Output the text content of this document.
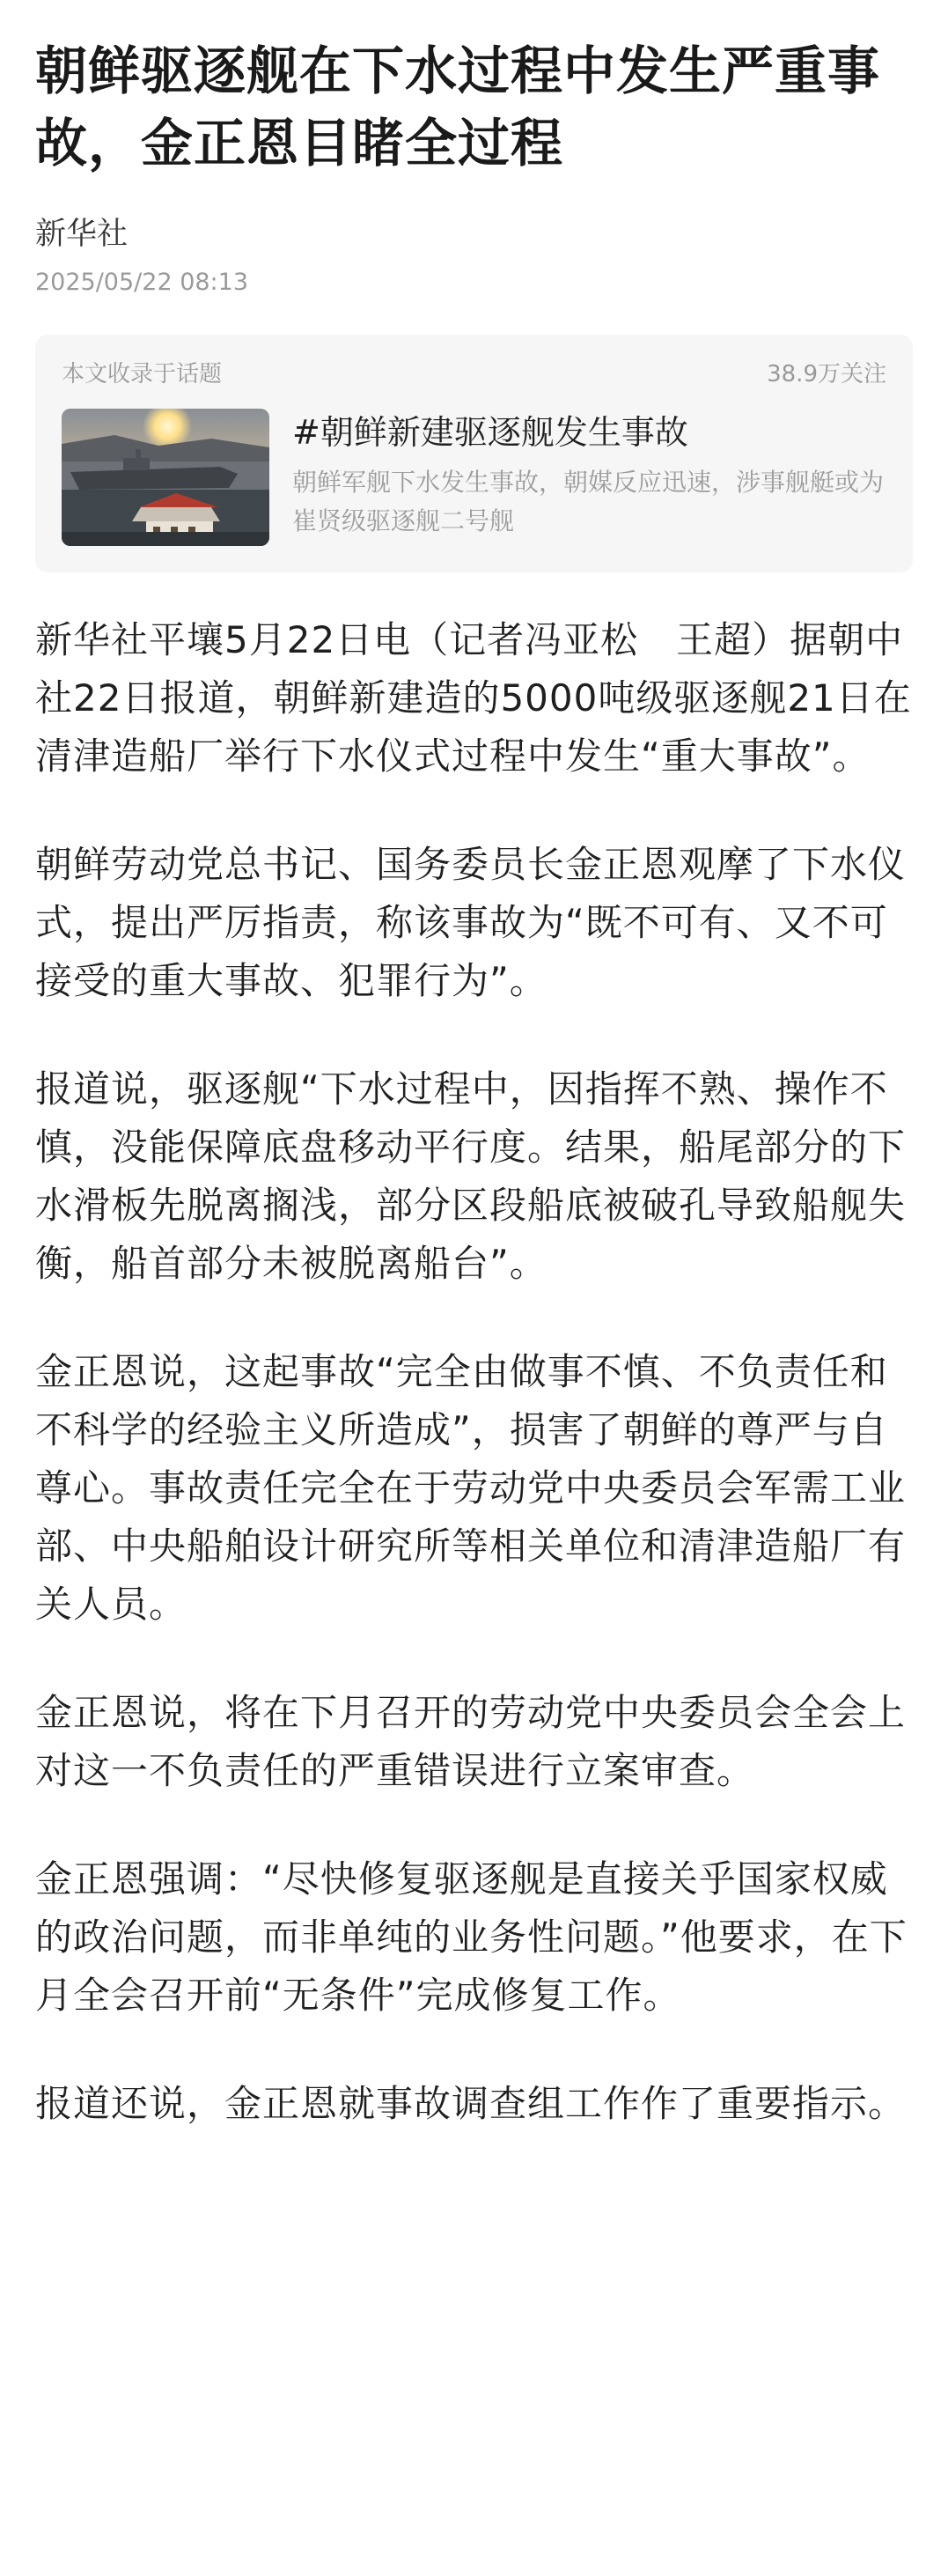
朝鲜驱逐舰在下水过程中发生严重事故，金正恩目睹全过程
新华社
2025/05/22 08:13
本文收录于话题	38.9万关注
#朝鲜新建驱逐舰发生事故
朝鲜军舰下水发生事故，朝媒反应迅速，涉事舰艇或为崔贤级驱逐舰二号舰

新华社平壤5月22日电（记者冯亚松　王超）据朝中社22日报道，朝鲜新建造的5000吨级驱逐舰21日在清津造船厂举行下水仪式过程中发生“重大事故”。

朝鲜劳动党总书记、国务委员长金正恩观摩了下水仪式，提出严厉指责，称该事故为“既不可有、又不可接受的重大事故、犯罪行为”。

报道说，驱逐舰“下水过程中，因指挥不熟、操作不慎，没能保障底盘移动平行度。结果，船尾部分的下水滑板先脱离搁浅，部分区段船底被破孔导致船舰失衡，船首部分未被脱离船台”。

金正恩说，这起事故“完全由做事不慎、不负责任和不科学的经验主义所造成”，损害了朝鲜的尊严与自尊心。事故责任完全在于劳动党中央委员会军需工业部、中央船舶设计研究所等相关单位和清津造船厂有关人员。

金正恩说，将在下月召开的劳动党中央委员会全会上对这一不负责任的严重错误进行立案审查。

金正恩强调：“尽快修复驱逐舰是直接关乎国家权威的政治问题，而非单纯的业务性问题。”他要求，在下月全会召开前“无条件”完成修复工作。

报道还说，金正恩就事故调查组工作作了重要指示。
